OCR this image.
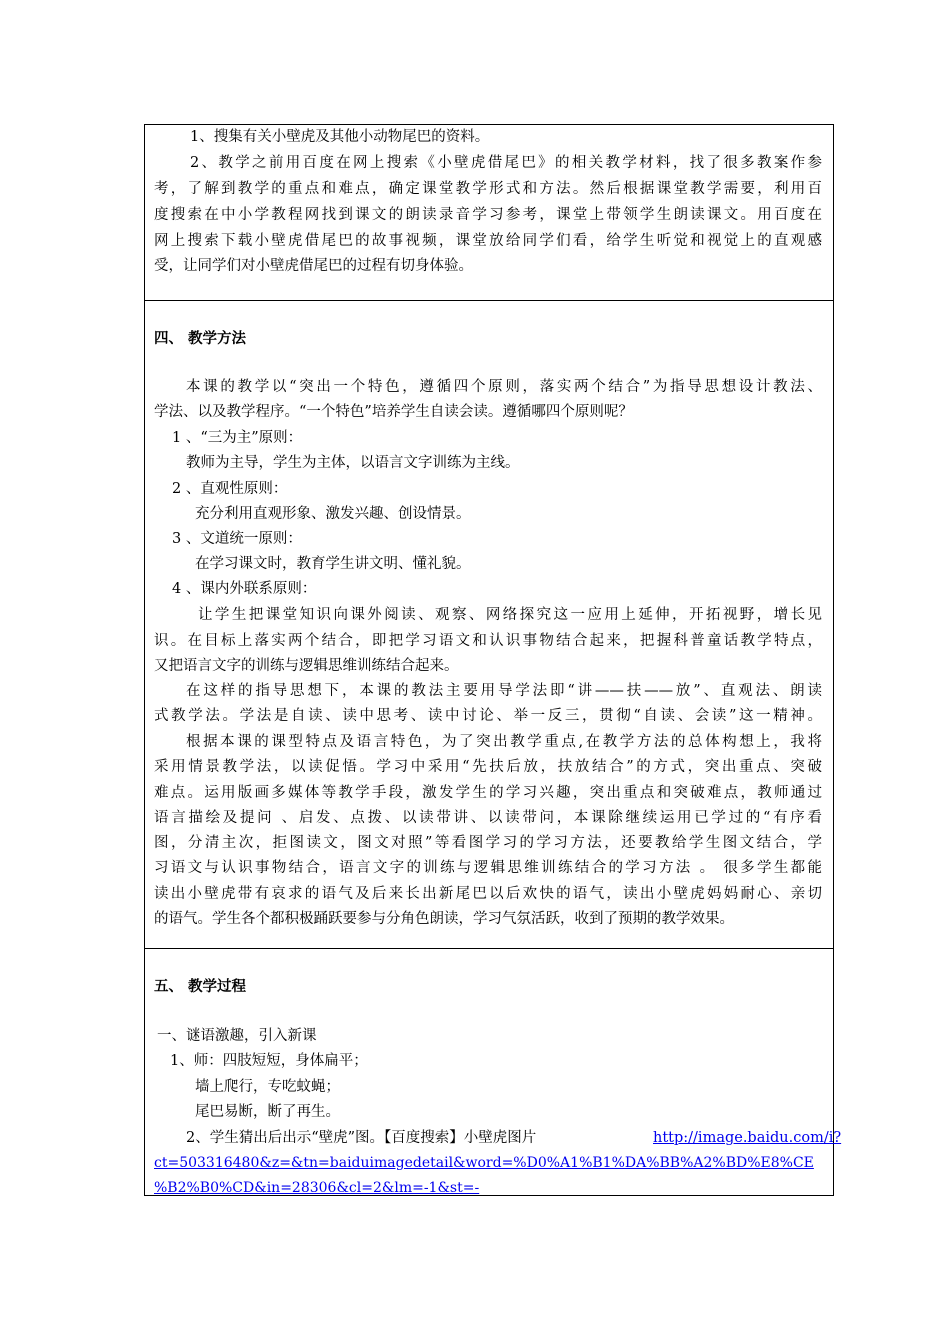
1、搜集有关小壁虎及其他小动物尾巴的资料。
2、教学之前用百度在网上搜索《小壁虎借尾巴》的相关教学材料，找了很多教案作参
考，了解到教学的重点和难点，确定课堂教学形式和方法。然后根据课堂教学需要，利用百
度搜索在中小学教程网找到课文的朗读录音学习参考，课堂上带领学生朗读课文。用百度在
网上搜索下载小壁虎借尾巴的故事视频，课堂放给同学们看，给学生听觉和视觉上的直观感
受，让同学们对小壁虎借尾巴的过程有切身体验。
四、 教学方法
本课的教学以“突出一个特色，遵循四个原则，落实两个结合”为指导思想设计教法、
学法、以及教学程序。“一个特色”培养学生自读会读。遵循哪四个原则呢？
1 、“三为主”原则：
教师为主导，学生为主体，以语言文字训练为主线。
2 、直观性原则：
充分利用直观形象、激发兴趣、创设情景。
3 、文道统一原则：
在学习课文时，教育学生讲文明、懂礼貌。
4 、课内外联系原则：
让学生把课堂知识向课外阅读、观察、网络探究这一应用上延伸，开拓视野，增长见
识。在目标上落实两个结合，即把学习语文和认识事物结合起来，把握科普童话教学特点，
又把语言文字的训练与逻辑思维训练结合起来。
在这样的指导思想下，本课的教法主要用导学法即“讲——扶——放”、直观法、朗读
式教学法。学法是自读、读中思考、读中讨论、举一反三，贯彻“自读、会读”这一精神。
根据本课的课型特点及语言特色，为了突出教学重点,在教学方法的总体构想上，我将
采用情景教学法，以读促悟。学习中采用“先扶后放，扶放结合”的方式，突出重点、突破
难点。运用版画多媒体等教学手段，激发学生的学习兴趣，突出重点和突破难点，教师通过
语言描绘及提问 、启发、点拨、以读带讲、以读带问，本课除继续运用已学过的“有序看
图，分清主次，拒图读文，图文对照”等看图学习的学习方法，还要教给学生图文结合，学
习语文与认识事物结合，语言文字的训练与逻辑思维训练结合的学习方法 。 很多学生都能
读出小壁虎带有哀求的语气及后来长出新尾巴以后欢快的语气，读出小壁虎妈妈耐心、亲切
的语气。学生各个都积极踊跃要参与分角色朗读，学习气氛活跃，收到了预期的教学效果。
五、 教学过程
一、谜语激趣，引入新课
1、师：四肢短短，身体扁平；
墙上爬行，专吃蚊蝇；
尾巴易断，断了再生。
2、学生猜出后出示“壁虎”图。【百度搜索】小壁虎图片	http://image.baidu.com/i?
ct=503316480&z=&tn=baiduimagedetail&word=%D0%A1%B1%DA%BB%A2%BD%E8%CE
%B2%B0%CD&in=28306&cl=2&lm=-1&st=-
